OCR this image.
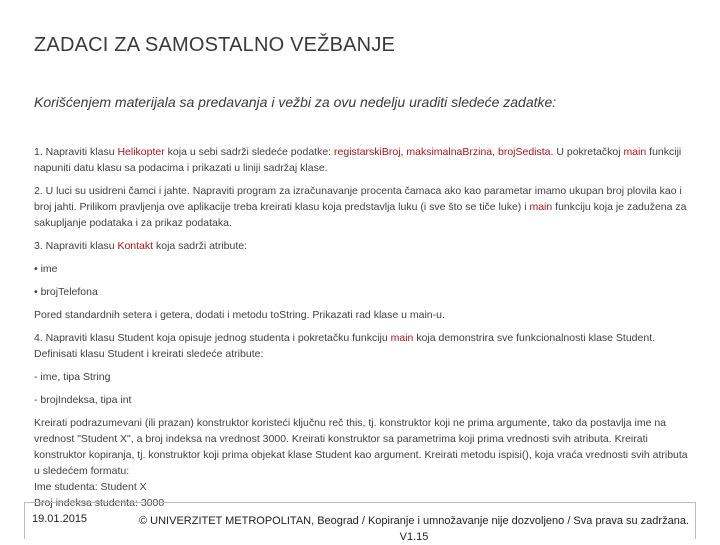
ZADACI ZA SAMOSTALNO VEŽBANJE
Korišćenjem materijala sa predavanja i vežbi za ovu nedelju uraditi sledeće zadatke:

1. Napraviti klasu Helikopter koja u sebi sadrži sledeće podatke: registarskiBroj, maksimalnaBrzina, brojSedista. U pokretačkoj main funkciji napuniti datu klasu sa podacima i prikazati u liniji sadržaj klase.

2. U luci su usidreni čamci i jahte. Napraviti program za izračunavanje procenta čamaca ako kao parametar imamo ukupan broj plovila kao i broj jahti. Prilikom pravljenja ove aplikacije treba kreirati klasu koja predstavlja luku (i sve što se tiče luke) i main funkciju koja je zadužena za sakupljanje podataka i za prikaz podataka.

3. Napraviti klasu Kontakt koja sadrži atribute:

• ime

• brojTelefona

Pored standardnih setera i getera, dodati i metodu toString. Prikazati rad klase u main-u.

4. Napraviti klasu Student koja opisuje jednog studenta i pokretačku funkciju main koja demonstrira sve funkcionalnosti klase Student. Definisati klasu Student i kreirati sledeće atribute:

- ime, tipa String

- brojIndeksa, tipa int

Kreirati podrazumevani (ili prazan) konstruktor koristeći ključnu reč this, tj. konstruktor koji ne prima argumente, tako da postavlja ime na vrednost "Student X", a broj indeksa na vrednost 3000. Kreirati konstruktor sa parametrima koji prima vrednosti svih atributa. Kreirati konstruktor kopiranja, tj. konstruktor koji prima objekat klase Student kao argument. Kreirati metodu ispisi(), koja vraća vrednosti svih atributa u sledećem formatu:

Ime studenta: Student X

Broj indeksa studenta: 3000

19.01.2015	© UNIVERZITET METROPOLITAN, Beograd / Kopiranje i umnožavanje nije dozvoljeno / Sva prava su zadržana. V1.15
